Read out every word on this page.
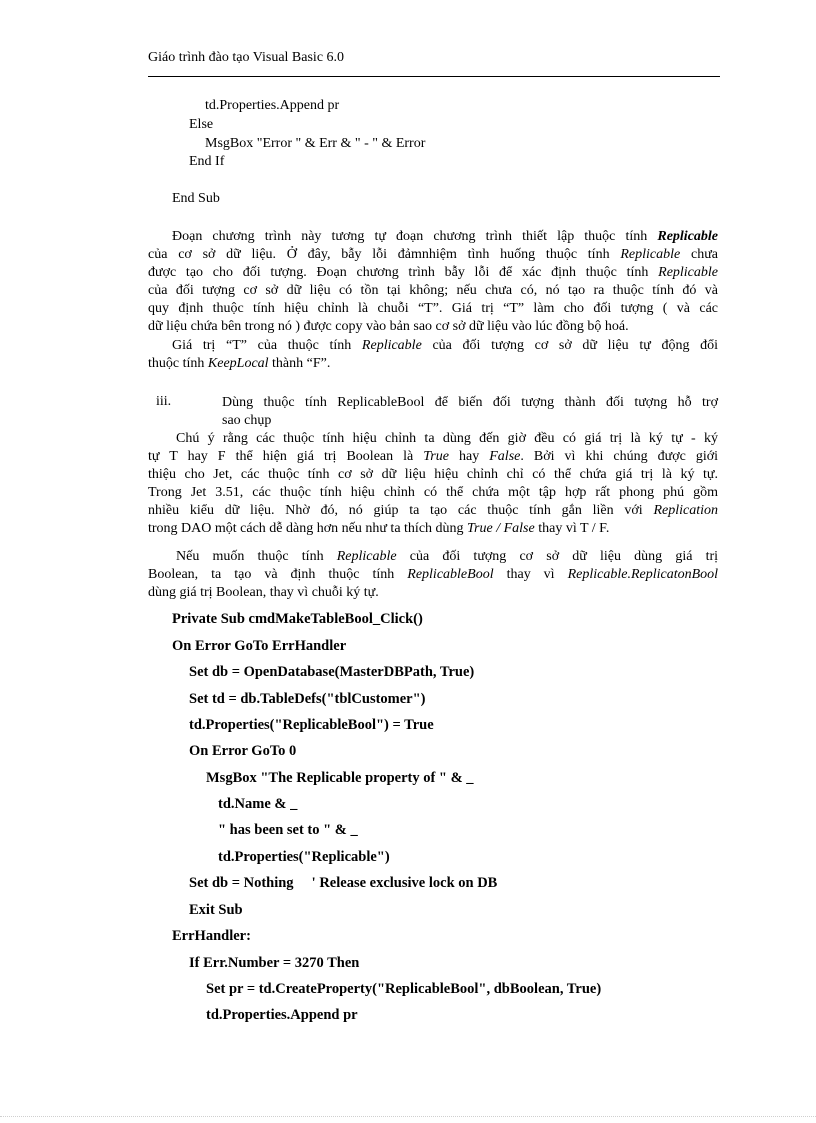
Giáo trình đào tạo Visual Basic 6.0
td.Properties.Append pr
Else
MsgBox "Error " & Err & " - " & Error
End If
End Sub
Đoạn chương trình này tương tự đoạn chương trình thiết lập thuộc tính Replicable
của cơ sở dữ liệu. Ở đây, bẫy lỗi đảmnhiệm tình huống thuộc tính Replicable chưa
được tạo cho đối tượng. Đoạn chương trình bẫy lỗi để xác định thuộc tính Replicable
của đối tượng cơ sở dữ liệu có tồn tại không; nếu chưa có, nó tạo ra thuộc tính đó và
quy định thuộc tính hiệu chỉnh là chuỗi “T”. Giá trị “T” làm cho đối tượng ( và các
dữ liệu chứa bên trong nó ) được copy vào bản sao cơ sở dữ liệu vào lúc đồng bộ hoá.
Giá trị “T” của thuộc tính Replicable của đối tượng cơ sở dữ liệu tự động đổi
thuộc tính KeepLocal thành “F”.
iii.	Dùng thuộc tính ReplicableBool để biến đối tượng thành đối tượng hỗ trợ
sao chụp
Chú ý rằng các thuộc tính hiệu chỉnh ta dùng đến giờ đều có giá trị là ký tự - ký
tự T hay F thể hiện giá trị Boolean là True hay False. Bởi vì khi chúng được giới
thiệu cho Jet, các thuộc tính cơ sở dữ liệu hiệu chỉnh chỉ có thể chứa giá trị là ký tự.
Trong Jet 3.51, các thuộc tính hiệu chỉnh có thể chứa một tập hợp rất phong phú gồm
nhiều kiểu dữ liệu. Nhờ đó, nó giúp ta tạo các thuộc tính gắn liền với Replication
trong DAO một cách dễ dàng hơn nếu như ta thích dùng True / False thay vì T / F.
Nếu muốn thuộc tính Replicable của đối tượng cơ sở dữ liệu dùng giá trị
Boolean, ta tạo và định thuộc tính ReplicableBool thay vì Replicable.ReplicatonBool
dùng giá trị Boolean, thay vì chuỗi ký tự.
Private Sub cmdMakeTableBool_Click()
On Error GoTo ErrHandler
Set db = OpenDatabase(MasterDBPath, True)
Set td = db.TableDefs("tblCustomer")
td.Properties("ReplicableBool") = True
On Error GoTo 0
MsgBox "The Replicable property of " & _
td.Name & _
" has been set to " & _
td.Properties("Replicable")
Set db = Nothing     ' Release exclusive lock on DB
Exit Sub
ErrHandler:
If Err.Number = 3270 Then
Set pr = td.CreateProperty("ReplicableBool", dbBoolean, True)
td.Properties.Append pr
